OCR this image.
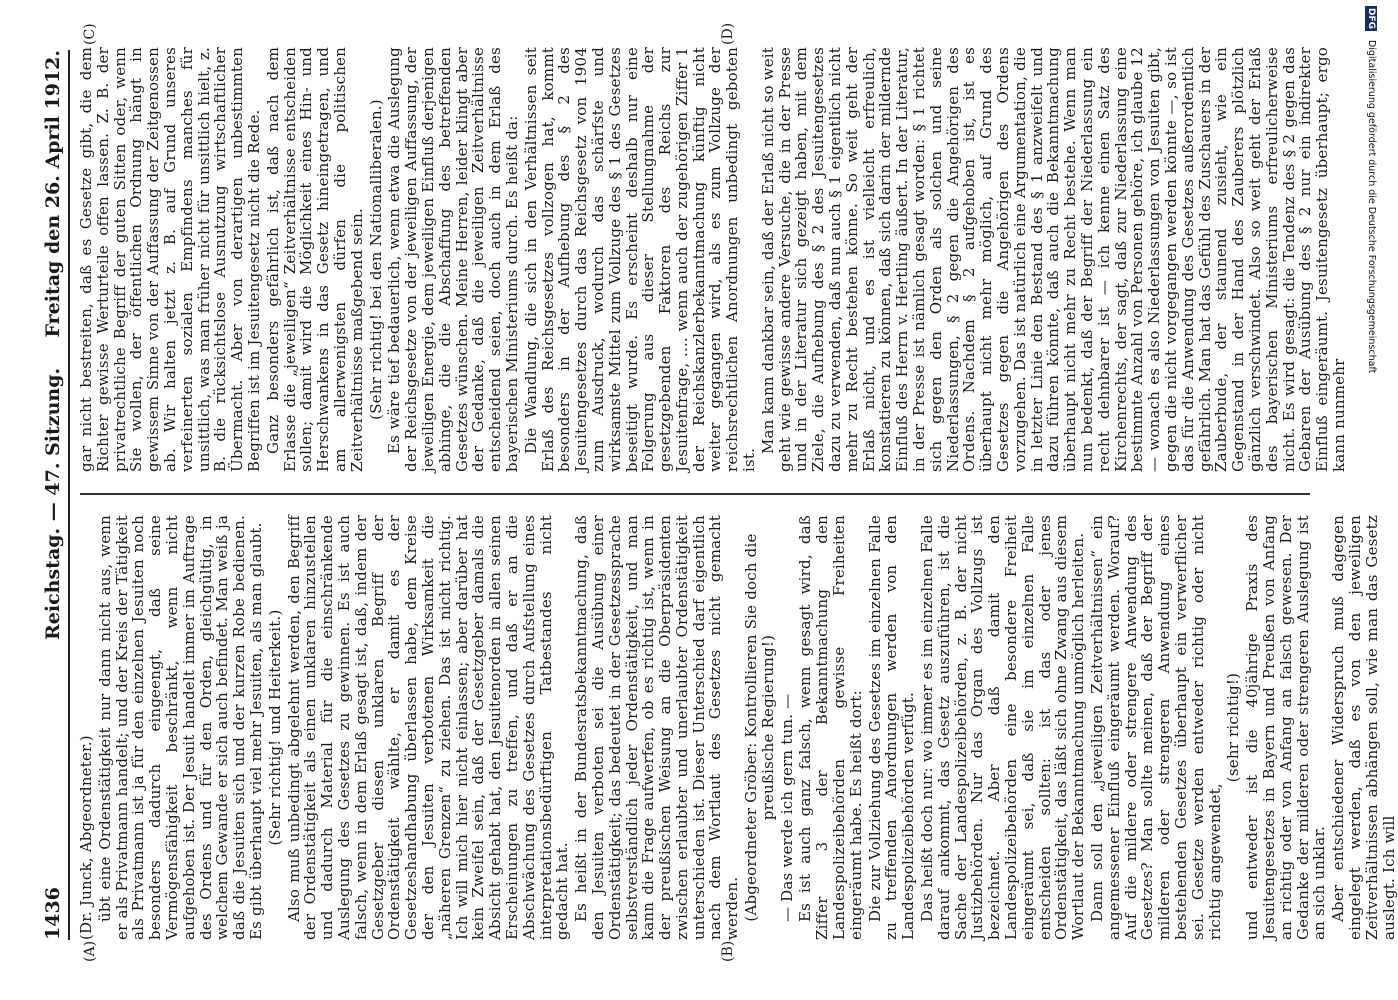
1436
Reichstag. — 47. Sitzung.
Freitag den 26. April 1912.
(A)	(B)
(C)	(D)

(Dr. Junck, Abgeordneter.) übt eine Ordenstätigkeit nur dann nicht aus, wenn er als Privatmann handelt; und der Kreis der Tätigkeit als Privatmann ist ja für den einzelnen Jesuiten noch besonders dadurch eingeengt, daß seine Vermögensfähigkeit beschränkt, wenn nicht aufgehoben ist. Der Jesuit handelt immer im Auftrage des Ordens und für den Orden, gleichgültig, in welchem Gewande er sich auch befindet. Man weiß ja daß die Jesuiten sich und der kurzen Robe bedienen. Es gibt überhaupt viel mehr Jesuiten, als man glaubt. (Sehr richtig! und Heiterkeit.) Also muß unbedingt abgelehnt werden, den Begriff der Ordenstätigkeit als einen unklaren hinzustellen und dadurch Material für die einschränkende Auslegung des Gesetzes zu gewinnen. Es ist auch falsch, wenn in dem Erlaß gesagt ist, daß, indem der Gesetzgeber diesen unklaren Begriff der Ordenstätigkeit wählte, er damit es der Gesetzeshandhabung überlassen habe, dem Kreise der den Jesuiten verbotenen Wirksamkeit die „näheren Grenzen“ zu ziehen. Das ist nicht richtig. Ich will mich hier nicht einlassen; aber darüber hat kein Zweifel sein, daß der Gesetzgeber damals die Absicht gehabt hat, den Jesuitenorden in allen seinen Erscheinungen zu treffen, und daß er an die Abschwächung des Gesetzes durch Aufstellung eines interpretationsbedürftigen Tatbestandes nicht gedacht hat. Es heißt in der Bundesratsbekanntmachung, daß den Jesuiten verboten sei die Ausübung einer Ordenstätigkeit; das bedeutet in der Gesetzessprache selbstverständlich jeder Ordenstätigkeit, und man kann die Frage aufwerfen, ob es richtig ist, wenn in der preußischen Weisung an die Oberpräsidenten zwischen erlaubter und unerlaubter Ordenstätigkeit unterschieden ist. Dieser Unterschied darf eigentlich nach dem Wortlaut des Gesetzes nicht gemacht werden. (Abgeordneter Gröber: Kontrollieren Sie doch die preußische Regierung!) — Das werde ich gern tun. — Es ist auch ganz falsch, wenn gesagt wird, daß Ziffer 3 der Bekanntmachung den Landespolizeibehörden gewisse Freiheiten eingeräumt habe. Es heißt dort: Die zur Vollziehung des Gesetzes im einzelnen Falle zu treffenden Anordnungen werden von den Landespolizeibehörden verfügt. Das heißt doch nur: wo immer es im einzelnen Falle darauf ankommt, das Gesetz auszuführen, ist die Sache der Landespolizeibehörden, z. B. der nicht Justizbehörden. Nur das Organ des Vollzugs ist bezeichnet. Aber daß damit den Landespolizeibehörden eine besondere Freiheit eingeräumt sei, daß sie im einzelnen Falle entscheiden sollten: ist das oder jenes Ordenstätigkeit, das läßt sich ohne Zwang aus diesem Wortlaut der Bekanntmachung unmöglich herleiten. Dann soll den „jeweiligen Zeitverhältnissen“ ein angemessener Einfluß eingeräumt werden. Worauf? Auf die mildere oder strengere Anwendung des Gesetzes? Man sollte meinen, daß der Begriff der milderen oder strengeren Anwendung eines bestehenden Gesetzes überhaupt ein verwerflicher sei. Gesetze werden entweder richtig oder nicht richtig angewendet,

(sehr richtig!) und entweder ist die 40jährige Praxis des Jesuitengesetzes in Bayern und Preußen von Anfang an richtig oder von Anfang an falsch gewesen. Der Gedanke der milderen oder strengeren Auslegung ist an sich unklar. Aber entschiedener Widerspruch muß dagegen eingelegt werden, daß es von den jeweiligen Zeitverhältnissen abhängen soll, wie man das Gesetz auslegt. Ich will

gar nicht bestreiten, daß es Gesetze gibt, die dem Richter gewisse Werturteile offen lassen. Z. B. der privatrechtliche Begriff der guten Sitten oder, wenn Sie wollen, der öffentlichen Ordnung hängt in gewissem Sinne von der Auffassung der Zeitgenossen ab. Wir halten jetzt z. B. auf Grund unseres verfeinerten sozialen Empfindens manches für unsittlich, was man früher nicht für unsittlich hielt, z. B. die rücksichtslose Ausnutzung wirtschaftlicher Übermacht. Aber von derartigen unbestimmten Begriffen ist im Jesuitengesetz nicht die Rede. Ganz besonders gefährlich ist, daß nach dem Erlasse die „jeweiligen“ Zeitverhältnisse entscheiden sollen; damit wird die Möglichkeit eines Hin- und Herschwankens in das Gesetz hineingetragen, und am allerwenigsten dürfen die politischen Zeitverhältnisse maßgebend sein. (Sehr richtig! bei den Nationalliberalen.) Es wäre tief bedauerlich, wenn etwa die Auslegung der Reichsgesetze von der jeweiligen Auffassung, der jeweiligen Energie, dem jeweiligen Einfluß derjenigen abhinge, die die Abschaffung des betreffenden Gesetzes wünschen. Meine Herren, leider klingt aber der Gedanke, daß die jeweiligen Zeitverhältnisse entscheidend seien, doch auch in dem Erlaß des bayerischen Ministeriums durch. Es heißt da: Die Wandlung, die sich in den Verhältnissen seit Erlaß des Reichsgesetzes vollzogen hat, kommt besonders in der Aufhebung des § 2 des Jesuitengesetzes durch das Reichsgesetz von 1904 zum Ausdruck, wodurch das schärfste und wirksamste Mittel zum Vollzuge des § 1 des Gesetzes beseitigt wurde. Es erscheint deshalb nur eine Folgerung aus dieser Stellungnahme der gesetzgebenden Faktoren des Reichs zur Jesuitenfrage, .... wenn auch der zugehörigen Ziffer 1 der Reichskanzlerbekanntmachung künftig nicht weiter gegangen wird, als es zum Vollzuge der reichsrechtlichen Anordnungen unbedingt geboten ist.

Man kann dankbar sein, daß der Erlaß nicht so weit geht wie gewisse andere Versuche, die in der Presse und in der Literatur sich gezeigt haben, mit dem Ziele, die Aufhebung des § 2 des Jesuitengesetzes dazu zu verwenden, daß nun auch § 1 eigentlich nicht mehr zu Recht bestehen könne. So weit geht der Erlaß nicht, und es ist vielleicht erfreulich, konstatieren zu können, daß sich darin der mildernde Einfluß des Herrn v. Hertling äußert. In der Literatur, in der Presse ist nämlich gesagt worden: § 1 richtet sich gegen den Orden als solchen und seine Niederlassungen, § 2 gegen die Angehörigen des Ordens. Nachdem § 2 aufgehoben ist, ist es überhaupt nicht mehr möglich, auf Grund des Gesetzes gegen die Angehörigen des Ordens vorzugehen. Das ist natürlich eine Argumentation, die in letzter Linie den Bestand des § 1 anzweifelt und dazu führen könnte, daß auch die Bekanntmachung überhaupt nicht mehr zu Recht bestehe. Wenn man nun bedenkt, daß der Begriff der Niederlassung ein recht dehnbarer ist — ich kenne einen Satz des Kirchenrechts, der sagt, daß zur Niederlassung eine bestimmte Anzahl von Personen gehöre, ich glaube 12 — wonach es also Niederlassungen von Jesuiten gibt, gegen die nicht vorgegangen werden könnte —, so ist das für die Anwendung des Gesetzes außerordentlich gefährlich. Man hat das Gefühl des Zuschauers in der Zauberbude, der staunend zusieht, wie ein Gegenstand in der Hand des Zauberers plötzlich gänzlich verschwindet. Also so weit geht der Erlaß des bayerischen Ministeriums erfreulicherweise nicht. Es wird gesagt: die Tendenz des § 2 gegen das Gebaren der Ausübung des § 2 nur ein indirekter Einfluß eingeräumt. Jesuitengesetz überhaupt; ergo kann nunmehr

DFG Digitalisierung gefördert durch die Deutsche Forschungsgemeinschaft
